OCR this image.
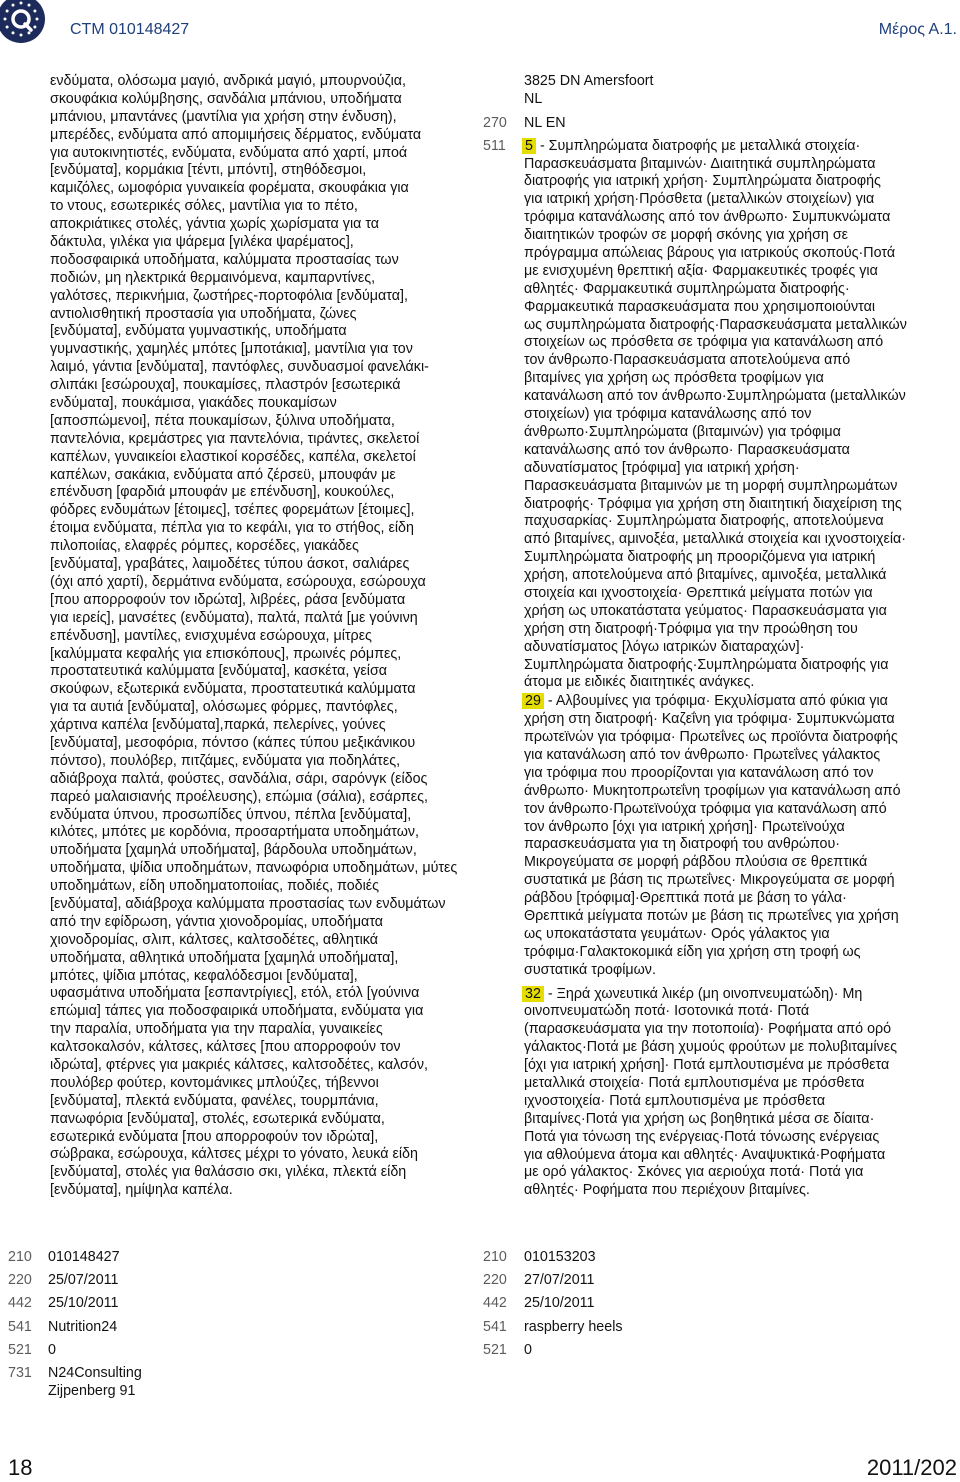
CTM 010148427	Μέρος Α.1.
ενδύματα, ολόσωμα μαγιό, ανδρικά μαγιό, μπουρνούζια,
σκουφάκια κολύμβησης, σανδάλια μπάνιου, υποδήματα
μπάνιου, μπαντάνες (μαντίλια για χρήση στην ένδυση),
μπερέδες, ενδύματα από απομιμήσεις δέρματος, ενδύματα
για αυτοκινητιστές, ενδύματα, ενδύματα από χαρτί, μποά
[ενδύματα], κορμάκια [τέντι, μπόντι], στηθόδεσμοι,
καμιζόλες, ωμοφόρια γυναικεία φορέματα, σκουφάκια για
το ντους, εσωτερικές σόλες, μαντίλια για το πέτο,
αποκριάτικες στολές, γάντια χωρίς χωρίσματα για τα
δάκτυλα, γιλέκα για ψάρεμα [γιλέκα ψαρέματος],
ποδοσφαιρικά υποδήματα, καλύμματα προστασίας των
ποδιών, μη ηλεκτρικά θερμαινόμενα, καμπαρντίνες,
γαλότσες, περικνήμια, ζωστήρες-πορτοφόλια [ενδύματα],
αντιολισθητική προστασία για υποδήματα, ζώνες
[ενδύματα], ενδύματα γυμναστικής, υποδήματα
γυμναστικής, χαμηλές μπότες [μποτάκια], μαντίλια για τον
λαιμό, γάντια [ενδύματα], παντόφλες, συνδυασμοί φανελάκι-
σλιπάκι [εσώρουχα], πουκαμίσες, πλαστρόν [εσωτερικά
ενδύματα], πουκάμισα, γιακάδες πουκαμίσων
[αποσπώμενοι], πέτα πουκαμίσων, ξύλινα υποδήματα,
παντελόνια, κρεμάστρες για παντελόνια, τιράντες, σκελετοί
καπέλων, γυναικείοι ελαστικοί κορσέδες, καπέλα, σκελετοί
καπέλων, σακάκια, ενδύματα από ζέρσεϋ, μπουφάν με
επένδυση [φαρδιά μπουφάν με επένδυση], κουκούλες,
φόδρες ενδυμάτων [έτοιμες], τσέπες φορεμάτων [έτοιμες],
έτοιμα ενδύματα, πέπλα για το κεφάλι, για το στήθος, είδη
πιλοποιίας, ελαφρές ρόμπες, κορσέδες, γιακάδες
[ενδύματα], γραβάτες, λαιμοδέτες τύπου άσκοτ, σαλιάρες
(όχι από χαρτί), δερμάτινα ενδύματα, εσώρουχα, εσώρουχα
[που απορροφούν τον ιδρώτα], λιβρέες, ράσα [ενδύματα
για ιερείς], μανσέτες (ενδύματα), παλτά, παλτά [με γούνινη
επένδυση], μαντίλες, ενισχυμένα εσώρουχα, μίτρες
[καλύμματα κεφαλής για επισκόπους], πρωινές ρόμπες,
προστατευτικά καλύμματα [ενδύματα], κασκέτα, γείσα
σκούφων, εξωτερικά ενδύματα, προστατευτικά καλύμματα
για τα αυτιά [ενδύματα], ολόσωμες φόρμες, παντόφλες,
χάρτινα καπέλα [ενδύματα],παρκά, πελερίνες, γούνες
[ενδύματα], μεσοφόρια, πόντσο (κάπες τύπου μεξικάνικου
πόντσο), πουλόβερ, πιτζάμες, ενδύματα για ποδηλάτες,
αδιάβροχα παλτά, φούστες, σανδάλια, σάρι, σαρόνγκ (είδος
παρεό μαλαισιανής προέλευσης), επώμια (σάλια), εσάρπες,
ενδύματα ύπνου, προσωπίδες ύπνου, πέπλα [ενδύματα],
κιλότες, μπότες με κορδόνια, προσαρτήματα υποδημάτων,
υποδήματα [χαμηλά υποδήματα], βάρδουλα υποδημάτων,
υποδήματα, ψίδια υποδημάτων, πανωφόρια υποδημάτων, μύτες
υποδημάτων, είδη υποδηματοποιίας, ποδιές, ποδιές
[ενδύματα], αδιάβροχα καλύμματα προστασίας των ενδυμάτων
από την εφίδρωση, γάντια χιονοδρομίας, υποδήματα
χιονοδρομίας, σλιπ, κάλτσες, καλτσοδέτες, αθλητικά
υποδήματα, αθλητικά υποδήματα [χαμηλά υποδήματα],
μπότες, ψίδια μπότας, κεφαλόδεσμοι [ενδύματα],
υφασμάτινα υποδήματα [εσπαντρίγιες], ετόλ, ετόλ [γούνινα
επώμια] τάπες για ποδοσφαιρικά υποδήματα, ενδύματα για
την παραλία, υποδήματα για την παραλία, γυναικείες
καλτσοκαλσόν, κάλτσες, κάλτσες [που απορροφούν τον
ιδρώτα], φτέρνες για μακριές κάλτσες, καλτσοδέτες, καλσόν,
πουλόβερ φούτερ, κοντομάνικες μπλούζες, τήβεννοι
[ενδύματα], πλεκτά ενδύματα, φανέλες, τουρμπάνια,
πανωφόρια [ενδύματα], στολές, εσωτερικά ενδύματα,
εσωτερικά ενδύματα [που απορροφούν τον ιδρώτα],
σώβρακα, εσώρουχα, κάλτσες μέχρι το γόνατο, λευκά είδη
[ενδύματα], στολές για θαλάσσιο σκι, γιλέκα, πλεκτά είδη
[ενδύματα], ημίψηλα καπέλα.
3825 DN Amersfoort
NL
270	NL EN
511	5 - Συμπληρώματα διατροφής με μεταλλικά στοιχεία·
Παρασκευάσματα βιταμινών· Διαιτητικά συμπληρώματα
διατροφής για ιατρική χρήση· Συμπληρώματα διατροφής
για ιατρική χρήση·Πρόσθετα (μεταλλικών στοιχείων) για
τρόφιμα κατανάλωσης από τον άνθρωπο· Συμπυκνώματα
διαιτητικών τροφών σε μορφή σκόνης για χρήση σε
πρόγραμμα απώλειας βάρους για ιατρικούς σκοπούς·Ποτά
με ενισχυμένη θρεπτική αξία· Φαρμακευτικές τροφές για
αθλητές· Φαρμακευτικά συμπληρώματα διατροφής·
Φαρμακευτικά παρασκευάσματα που χρησιμοποιούνται
ως συμπληρώματα διατροφής·Παρασκευάσματα μεταλλικών
στοιχείων ως πρόσθετα σε τρόφιμα για κατανάλωση από
τον άνθρωπο·Παρασκευάσματα αποτελούμενα από
βιταμίνες για χρήση ως πρόσθετα τροφίμων για
κατανάλωση από τον άνθρωπο·Συμπληρώματα (μεταλλικών
στοιχείων) για τρόφιμα κατανάλωσης από τον
άνθρωπο·Συμπληρώματα (βιταμινών) για τρόφιμα
κατανάλωσης από τον άνθρωπο· Παρασκευάσματα
αδυνατίσματος [τρόφιμα] για ιατρική χρήση·
Παρασκευάσματα βιταμινών με τη μορφή συμπληρωμάτων
διατροφής· Τρόφιμα για χρήση στη διαιτητική διαχείριση της
παχυσαρκίας· Συμπληρώματα διατροφής, αποτελούμενα
από βιταμίνες, αμινοξέα, μεταλλικά στοιχεία και ιχνοστοιχεία·
Συμπληρώματα διατροφής μη προοριζόμενα για ιατρική
χρήση, αποτελούμενα από βιταμίνες, αμινοξέα, μεταλλικά
στοιχεία και ιχνοστοιχεία· Θρεπτικά μείγματα ποτών για
χρήση ως υποκατάστατα γεύματος· Παρασκευάσματα για
χρήση στη διατροφή·Τρόφιμα για την προώθηση του
αδυνατίσματος [λόγω ιατρικών διαταραχών]·
Συμπληρώματα διατροφής·Συμπληρώματα διατροφής για
άτομα με ειδικές διαιτητικές ανάγκες.
29 - Αλβουμίνες για τρόφιμα· Εκχυλίσματα από φύκια για
χρήση στη διατροφή· Καζεΐνη για τρόφιμα· Συμπυκνώματα
πρωτεϊνών για τρόφιμα· Πρωτεΐνες ως προϊόντα διατροφής
για κατανάλωση από τον άνθρωπο· Πρωτεΐνες γάλακτος
για τρόφιμα που προορίζονται για κατανάλωση από τον
άνθρωπο· Μυκητοπρωτεΐνη τροφίμων για κατανάλωση από
τον άνθρωπο·Πρωτεϊνούχα τρόφιμα για κατανάλωση από
τον άνθρωπο [όχι για ιατρική χρήση]· Πρωτεϊνούχα
παρασκευάσματα για τη διατροφή του ανθρώπου·
Μικρογεύματα σε μορφή ράβδου πλούσια σε θρεπτικά
συστατικά με βάση τις πρωτεΐνες· Μικρογεύματα σε μορφή
ράβδου [τρόφιμα]·Θρεπτικά ποτά με βάση το γάλα·
Θρεπτικά μείγματα ποτών με βάση τις πρωτεΐνες για χρήση
ως υποκατάστατα γευμάτων· Ορός γάλακτος για
τρόφιμα·Γαλακτοκομικά είδη για χρήση στη τροφή ως
συστατικά τροφίμων.
32 - Ξηρά χωνευτικά λικέρ (μη οινοπνευματώδη)· Μη
οινοπνευματώδη ποτά· Ισοτονικά ποτά· Ποτά
(παρασκευάσματα για την ποτοποιία)· Ροφήματα από ορό
γάλακτος·Ποτά με βάση χυμούς φρούτων με πολυβιταμίνες
[όχι για ιατρική χρήση]· Ποτά εμπλουτισμένα με πρόσθετα
μεταλλικά στοιχεία· Ποτά εμπλουτισμένα με πρόσθετα
ιχνοστοιχεία· Ποτά εμπλουτισμένα με πρόσθετα
βιταμίνες·Ποτά για χρήση ως βοηθητικά μέσα σε δίαιτα·
Ποτά για τόνωση της ενέργειας·Ποτά τόνωσης ενέργειας
για αθλούμενα άτομα και αθλητές· Αναψυκτικά·Ροφήματα
με ορό γάλακτος· Σκόνες για αεριούχα ποτά· Ποτά για
αθλητές· Ροφήματα που περιέχουν βιταμίνες.
210	010148427
220	25/07/2011
442	25/10/2011
541	Nutrition24
521	0
731	N24Consulting
Zijpenberg 91
210	010153203
220	27/07/2011
442	25/10/2011
541	raspberry heels
521	0
18	2011/202
